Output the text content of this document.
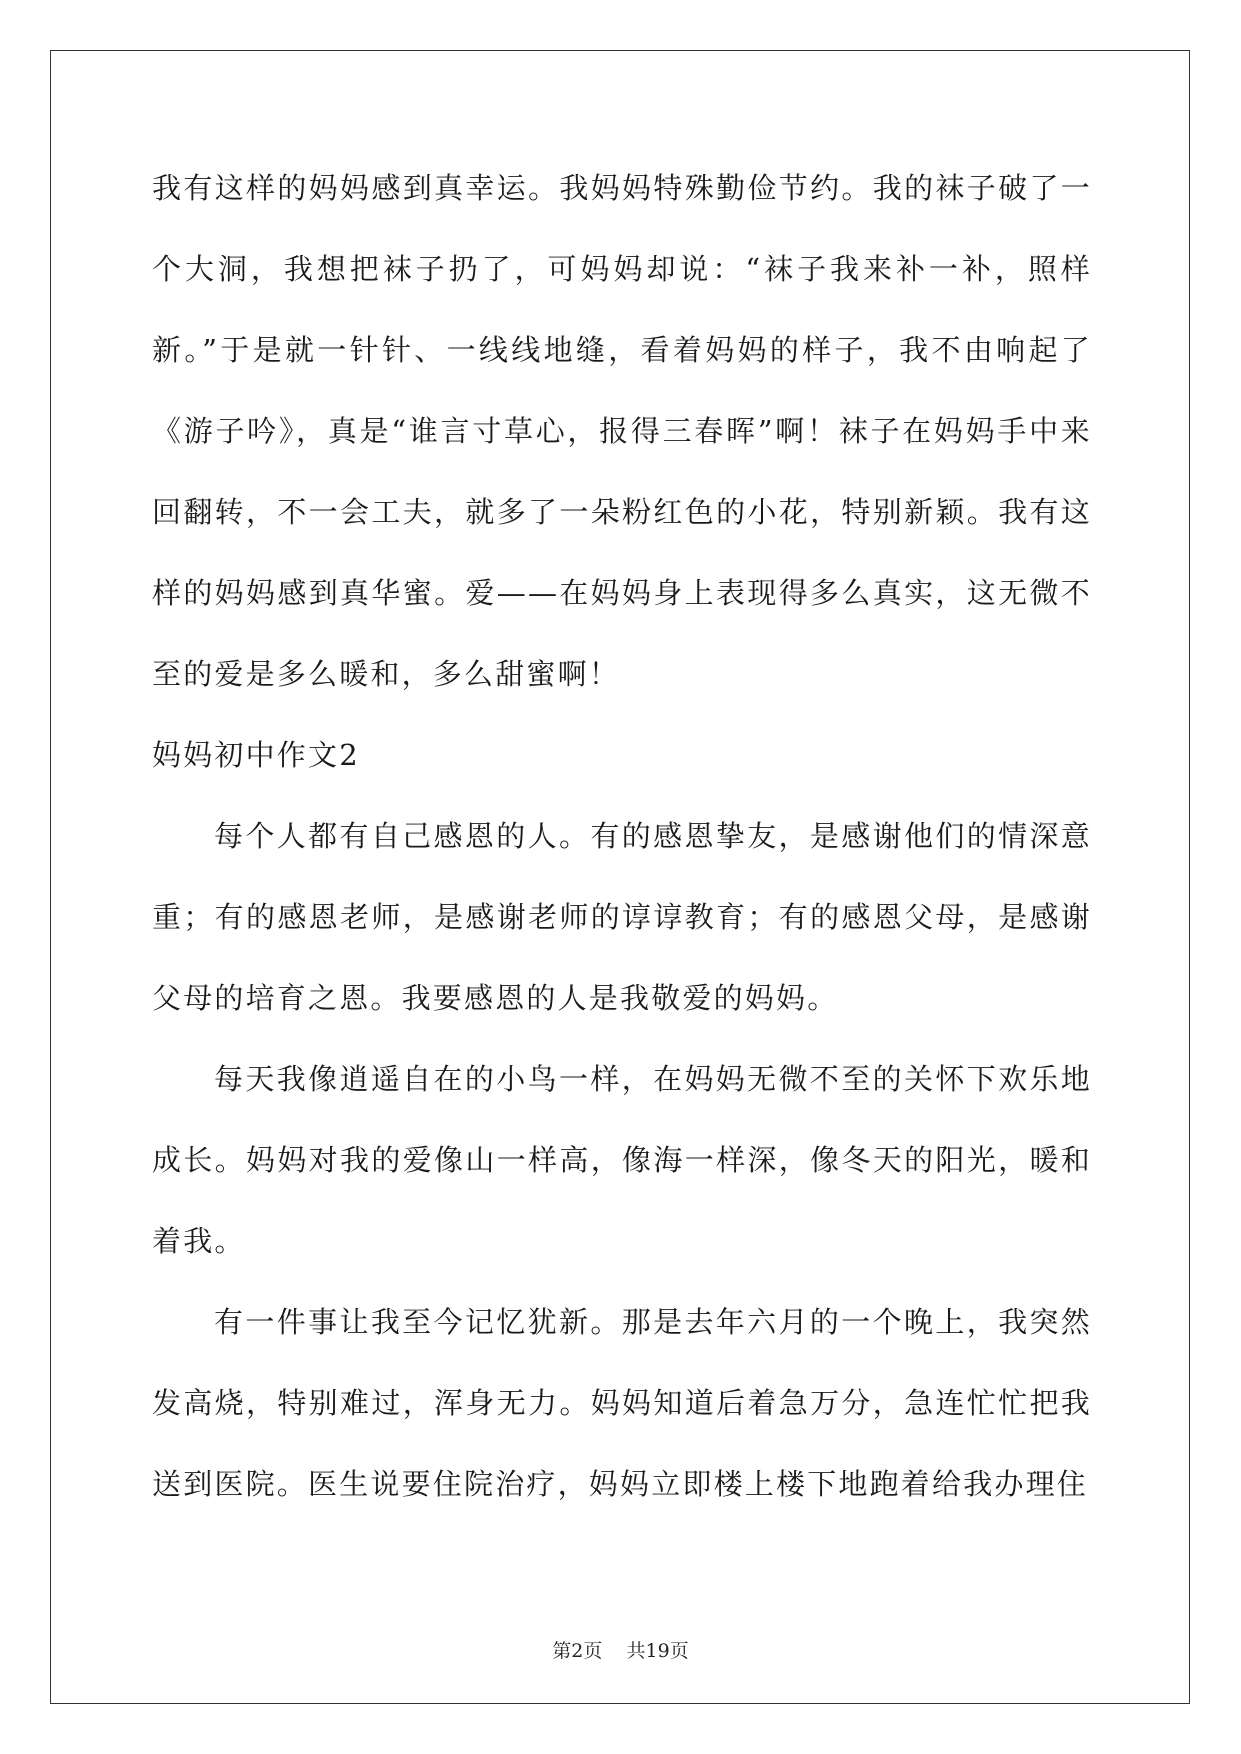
我有这样的妈妈感到真幸运。我妈妈特殊勤俭节约。我的袜子破了一个大洞，我想把袜子扔了，可妈妈却说：“袜子我来补一补，照样新。”于是就一针针、一线线地缝，看着妈妈的样子，我不由响起了《游子吟》，真是“谁言寸草心，报得三春晖”啊！袜子在妈妈手中来回翻转，不一会工夫，就多了一朵粉红色的小花，特别新颖。我有这样的妈妈感到真华蜜。爱——在妈妈身上表现得多么真实，这无微不至的爱是多么暖和，多么甜蜜啊！

妈妈初中作文2

每个人都有自己感恩的人。有的感恩挚友，是感谢他们的情深意重；有的感恩老师，是感谢老师的谆谆教育；有的感恩父母，是感谢父母的培育之恩。我要感恩的人是我敬爱的妈妈。

每天我像逍遥自在的小鸟一样，在妈妈无微不至的关怀下欢乐地成长。妈妈对我的爱像山一样高，像海一样深，像冬天的阳光，暖和着我。

有一件事让我至今记忆犹新。那是去年六月的一个晚上，我突然发高烧，特别难过，浑身无力。妈妈知道后着急万分，急连忙忙把我送到医院。医生说要住院治疗，妈妈立即楼上楼下地跑着给我办理住

第2页 共19页
